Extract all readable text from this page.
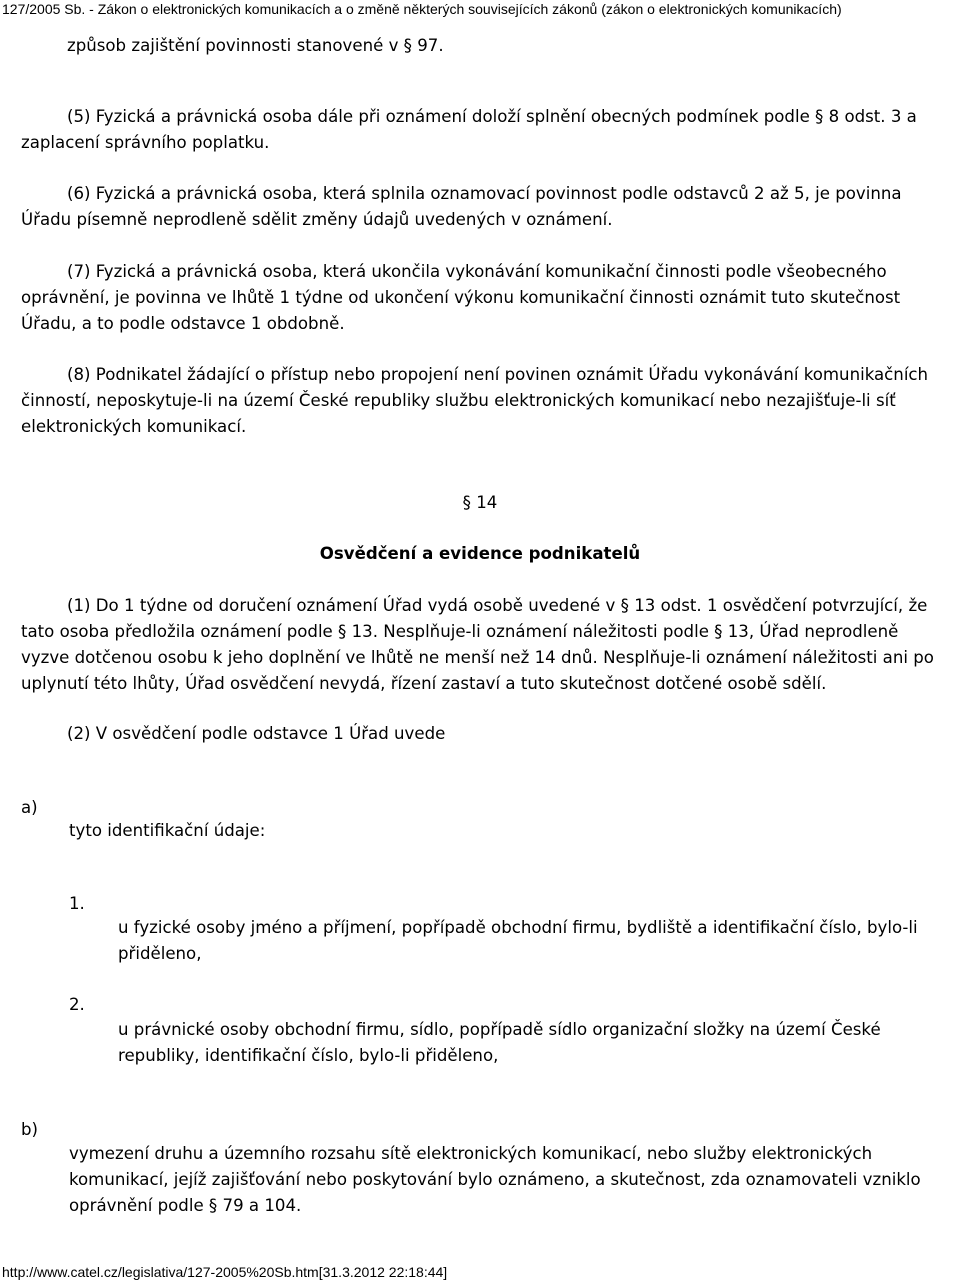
127/2005 Sb. - Zákon o elektronických komunikacích a o změně některých souvisejících zákonů (zákon o elektronických komunikacích)

způsob zajištění povinnosti stanovené v § 97.

(5) Fyzická a právnická osoba dále při oznámení doloží splnění obecných podmínek podle § 8 odst. 3 a zaplacení správního poplatku.

(6) Fyzická a právnická osoba, která splnila oznamovací povinnost podle odstavců 2 až 5, je povinna Úřadu písemně neprodleně sdělit změny údajů uvedených v oznámení.

(7) Fyzická a právnická osoba, která ukončila vykonávání komunikační činnosti podle všeobecného oprávnění, je povinna ve lhůtě 1 týdne od ukončení výkonu komunikační činnosti oznámit tuto skutečnost Úřadu, a to podle odstavce 1 obdobně.

(8) Podnikatel žádající o přístup nebo propojení není povinen oznámit Úřadu vykonávání komunikačních činností, neposkytuje-li na území České republiky službu elektronických komunikací nebo nezajišťuje-li síť elektronických komunikací.

§ 14
Osvědčení a evidence podnikatelů

(1) Do 1 týdne od doručení oznámení Úřad vydá osobě uvedené v § 13 odst. 1 osvědčení potvrzující, že tato osoba předložila oznámení podle § 13. Nesplňuje-li oznámení náležitosti podle § 13, Úřad neprodleně vyzve dotčenou osobu k jeho doplnění ve lhůtě ne menší než 14 dnů. Nesplňuje-li oznámení náležitosti ani po uplynutí této lhůty, Úřad osvědčení nevydá, řízení zastaví a tuto skutečnost dotčené osobě sdělí.

(2) V osvědčení podle odstavce 1 Úřad uvede

a)

tyto identifikační údaje:

1.

u fyzické osoby jméno a příjmení, popřípadě obchodní firmu, bydliště a identifikační číslo, bylo-li přiděleno,

2.

u právnické osoby obchodní firmu, sídlo, popřípadě sídlo organizační složky na území České republiky, identifikační číslo, bylo-li přiděleno,

b)

vymezení druhu a územního rozsahu sítě elektronických komunikací, nebo služby elektronických komunikací, jejíž zajišťování nebo poskytování bylo oznámeno, a skutečnost, zda oznamovateli vzniklo oprávnění podle § 79 a 104.

http://www.catel.cz/legislativa/127-2005%20Sb.htm[31.3.2012 22:18:44]
